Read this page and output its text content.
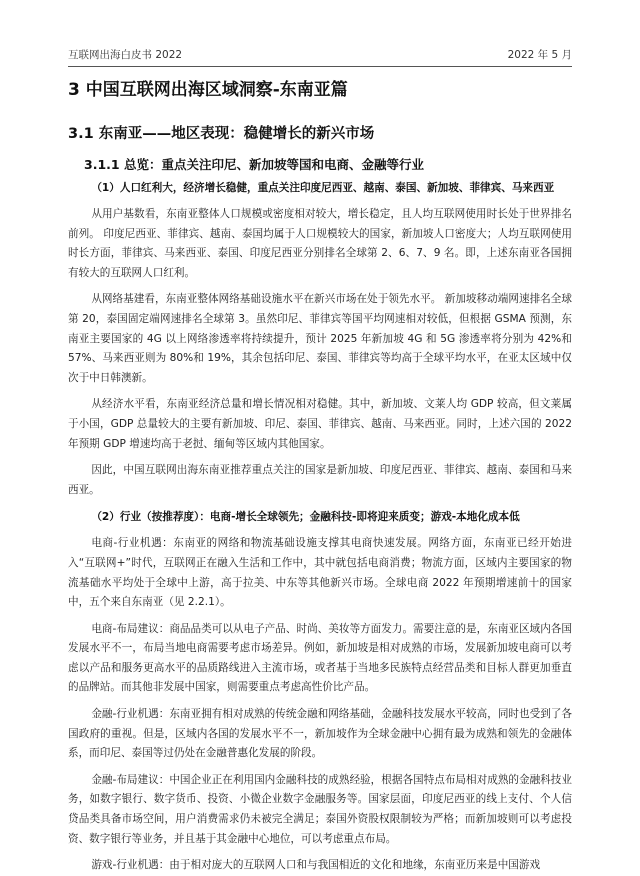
互联网出海白皮书 2022	2022 年 5 月
3 中国互联网出海区域洞察-东南亚篇
3.1 东南亚——地区表现：稳健增长的新兴市场
3.1.1 总览：重点关注印尼、新加坡等国和电商、金融等行业
（1）人口红利大，经济增长稳健，重点关注印度尼西亚、越南、泰国、新加坡、菲律宾、马来西亚

从用户基数看，东南亚整体人口规模或密度相对较大，增长稳定，且人均互联网使用时长处于世界排名前列。 印度尼西亚、菲律宾、越南、泰国均属于人口规模较大的国家，新加坡人口密度大；人均互联网使用时长方面，菲律宾、马来西亚、泰国、印度尼西亚分别排名全球第 2、6、7、9 名。即，上述东南亚各国拥有较大的互联网人口红利。

从网络基建看，东南亚整体网络基础设施水平在新兴市场在处于领先水平。 新加坡移动端网速排名全球第 20，泰国固定端网速排名全球第 3。虽然印尼、菲律宾等国平均网速相对较低，但根据 GSMA 预测，东南亚主要国家的 4G 以上网络渗透率将持续提升，预计 2025 年新加坡 4G 和 5G 渗透率将分别为 42%和 57%、马来西亚则为 80%和 19%，其余包括印尼、泰国、菲律宾等均高于全球平均水平，在亚太区域中仅次于中日韩澳新。

从经济水平看，东南亚经济总量和增长情况相对稳健。其中，新加坡、文莱人均 GDP 较高，但文莱属于小国，GDP 总量较大的主要有新加坡、印尼、泰国、菲律宾、越南、马来西亚。同时，上述六国的 2022 年预期 GDP 增速均高于老挝、缅甸等区域内其他国家。

因此，中国互联网出海东南亚推荐重点关注的国家是新加坡、印度尼西亚、菲律宾、越南、泰国和马来西亚。

（2）行业（按推荐度）：电商-增长全球领先；金融科技-即将迎来质变；游戏-本地化成本低

电商-行业机遇：东南亚的网络和物流基础设施支撑其电商快速发展。网络方面，东南亚已经开始进入“互联网+”时代，互联网正在融入生活和工作中，其中就包括电商消费；物流方面，区域内主要国家的物流基础水平均处于全球中上游，高于拉美、中东等其他新兴市场。全球电商 2022 年预期增速前十的国家中，五个来自东南亚（见 2.2.1）。

电商-布局建议：商品品类可以从电子产品、时尚、美妆等方面发力。需要注意的是，东南亚区域内各国发展水平不一，布局当地电商需要考虑市场差异。例如，新加坡是相对成熟的市场，发展新加坡电商可以考虑以产品和服务更高水平的品质路线进入主流市场，或者基于当地多民族特点经营品类和目标人群更加垂直的品牌站。而其他非发展中国家，则需要重点考虑高性价比产品。

金融-行业机遇：东南亚拥有相对成熟的传统金融和网络基础，金融科技发展水平较高，同时也受到了各国政府的重视。但是，区域内各国的发展水平不一，新加坡作为全球金融中心拥有最为成熟和领先的金融体系，而印尼、泰国等过仍处在金融普惠化发展的阶段。

金融-布局建议：中国企业正在利用国内金融科技的成熟经验，根据各国特点布局相对成熟的金融科技业务，如数字银行、数字货币、投资、小微企业数字金融服务等。国家层面，印度尼西亚的线上支付、个人信贷品类具备市场空间，用户消费需求仍未被完全满足；泰国外资股权限制较为严格；而新加坡则可以考虑投资、数字银行等业务，并且基于其金融中心地位，可以考虑重点布局。

游戏-行业机遇：由于相对庞大的互联网人口和与我国相近的文化和地缘，东南亚历来是中国游戏
